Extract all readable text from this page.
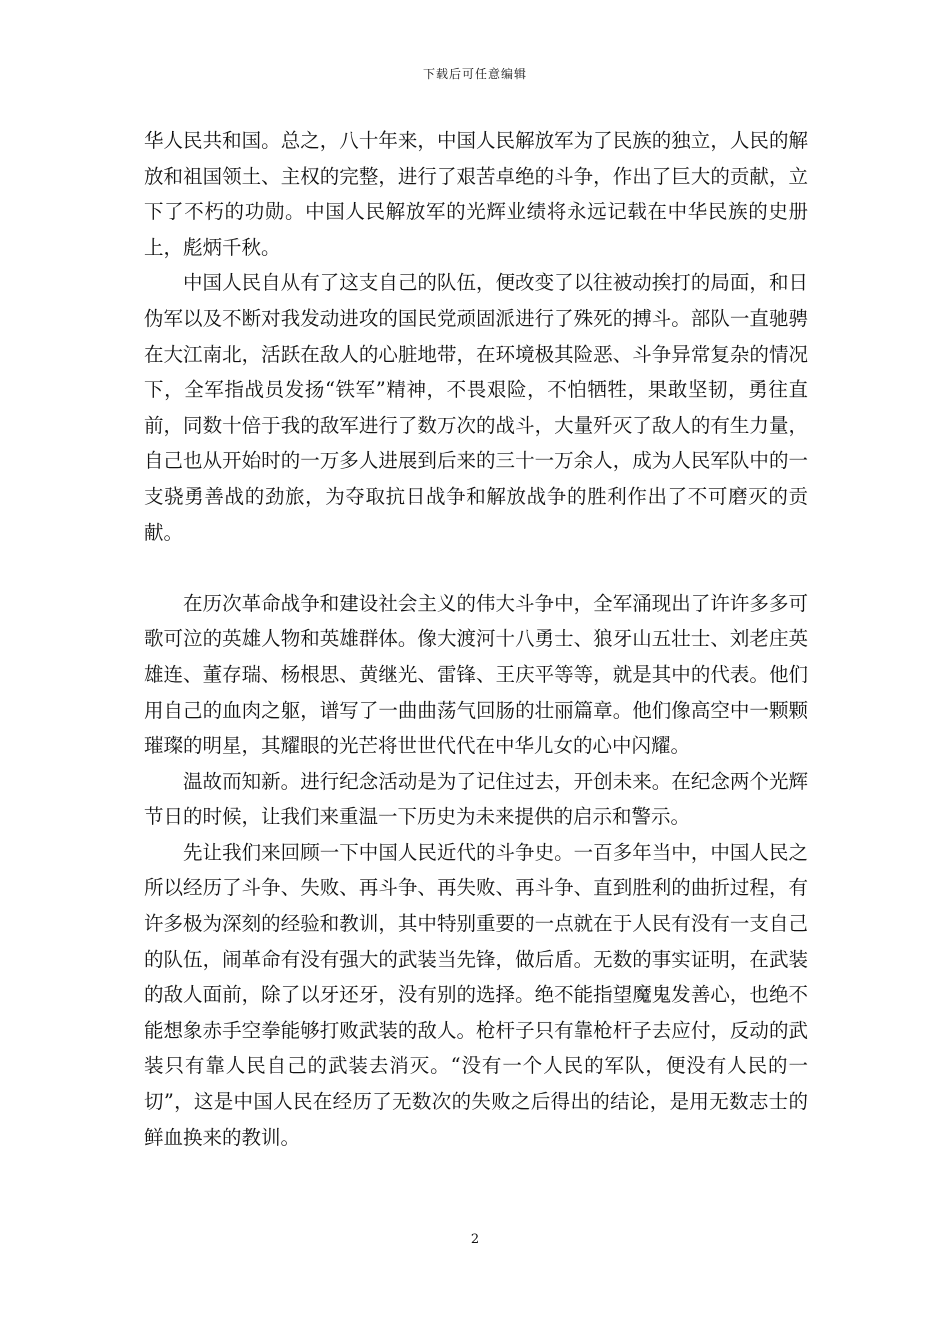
下载后可任意编辑

华人民共和国。总之，八十年来，中国人民解放军为了民族的独立，人民的解放和祖国领土、主权的完整，进行了艰苦卓绝的斗争，作出了巨大的贡献，立下了不朽的功勋。中国人民解放军的光辉业绩将永远记载在中华民族的史册上，彪炳千秋。

中国人民自从有了这支自己的队伍，便改变了以往被动挨打的局面，和日伪军以及不断对我发动进攻的国民党顽固派进行了殊死的搏斗。部队一直驰骋在大江南北，活跃在敌人的心脏地带，在环境极其险恶、斗争异常复杂的情况下，全军指战员发扬“铁军”精神，不畏艰险，不怕牺牲，果敢坚韧，勇往直前，同数十倍于我的敌军进行了数万次的战斗，大量歼灭了敌人的有生力量，自己也从开始时的一万多人进展到后来的三十一万余人，成为人民军队中的一支骁勇善战的劲旅，为夺取抗日战争和解放战争的胜利作出了不可磨灭的贡献。

在历次革命战争和建设社会主义的伟大斗争中，全军涌现出了许许多多可歌可泣的英雄人物和英雄群体。像大渡河十八勇士、狼牙山五壮士、刘老庄英雄连、董存瑞、杨根思、黄继光、雷锋、王庆平等等，就是其中的代表。他们用自己的血肉之躯，谱写了一曲曲荡气回肠的壮丽篇章。他们像高空中一颗颗璀璨的明星，其耀眼的光芒将世世代代在中华儿女的心中闪耀。

温故而知新。进行纪念活动是为了记住过去，开创未来。在纪念两个光辉节日的时候，让我们来重温一下历史为未来提供的启示和警示。

先让我们来回顾一下中国人民近代的斗争史。一百多年当中，中国人民之所以经历了斗争、失败、再斗争、再失败、再斗争、直到胜利的曲折过程，有许多极为深刻的经验和教训，其中特别重要的一点就在于人民有没有一支自己的队伍，闹革命有没有强大的武装当先锋，做后盾。无数的事实证明，在武装的敌人面前，除了以牙还牙，没有别的选择。绝不能指望魔鬼发善心，也绝不能想象赤手空拳能够打败武装的敌人。枪杆子只有靠枪杆子去应付，反动的武装只有靠人民自己的武装去消灭。“没有一个人民的军队，便没有人民的一切”，这是中国人民在经历了无数次的失败之后得出的结论，是用无数志士的鲜血换来的教训。

2
